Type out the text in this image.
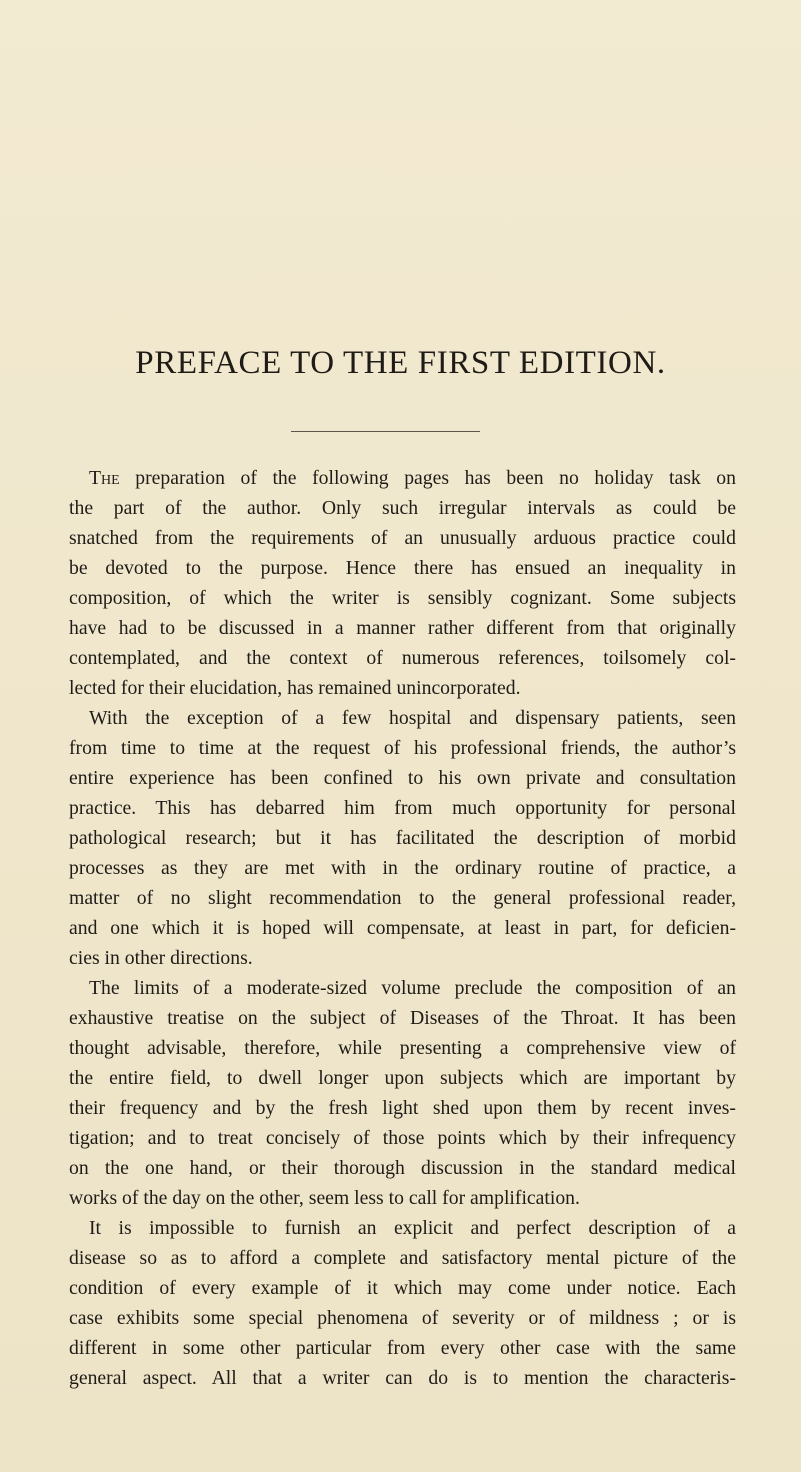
PREFACE TO THE FIRST EDITION.

The preparation of the following pages has been no holiday task on
the part of the author. Only such irregular intervals as could be
snatched from the requirements of an unusually arduous practice could
be devoted to the purpose. Hence there has ensued an inequality in
composition, of which the writer is sensibly cognizant. Some subjects
have had to be discussed in a manner rather different from that originally
contemplated, and the context of numerous references, toilsomely col-
lected for their elucidation, has remained unincorporated.

With the exception of a few hospital and dispensary patients, seen
from time to time at the request of his professional friends, the author’s
entire experience has been confined to his own private and consultation
practice. This has debarred him from much opportunity for personal
pathological research; but it has facilitated the description of morbid
processes as they are met with in the ordinary routine of practice, a
matter of no slight recommendation to the general professional reader,
and one which it is hoped will compensate, at least in part, for deficien-
cies in other directions.

The limits of a moderate-sized volume preclude the composition of an
exhaustive treatise on the subject of Diseases of the Throat. It has been
thought advisable, therefore, while presenting a comprehensive view of
the entire field, to dwell longer upon subjects which are important by
their frequency and by the fresh light shed upon them by recent inves-
tigation; and to treat concisely of those points which by their infrequency
on the one hand, or their thorough discussion in the standard medical
works of the day on the other, seem less to call for amplification.

It is impossible to furnish an explicit and perfect description of a
disease so as to afford a complete and satisfactory mental picture of the
condition of every example of it which may come under notice. Each
case exhibits some special phenomena of severity or of mildness ; or is
different in some other particular from every other case with the same
general aspect. All that a writer can do is to mention the characteris-
